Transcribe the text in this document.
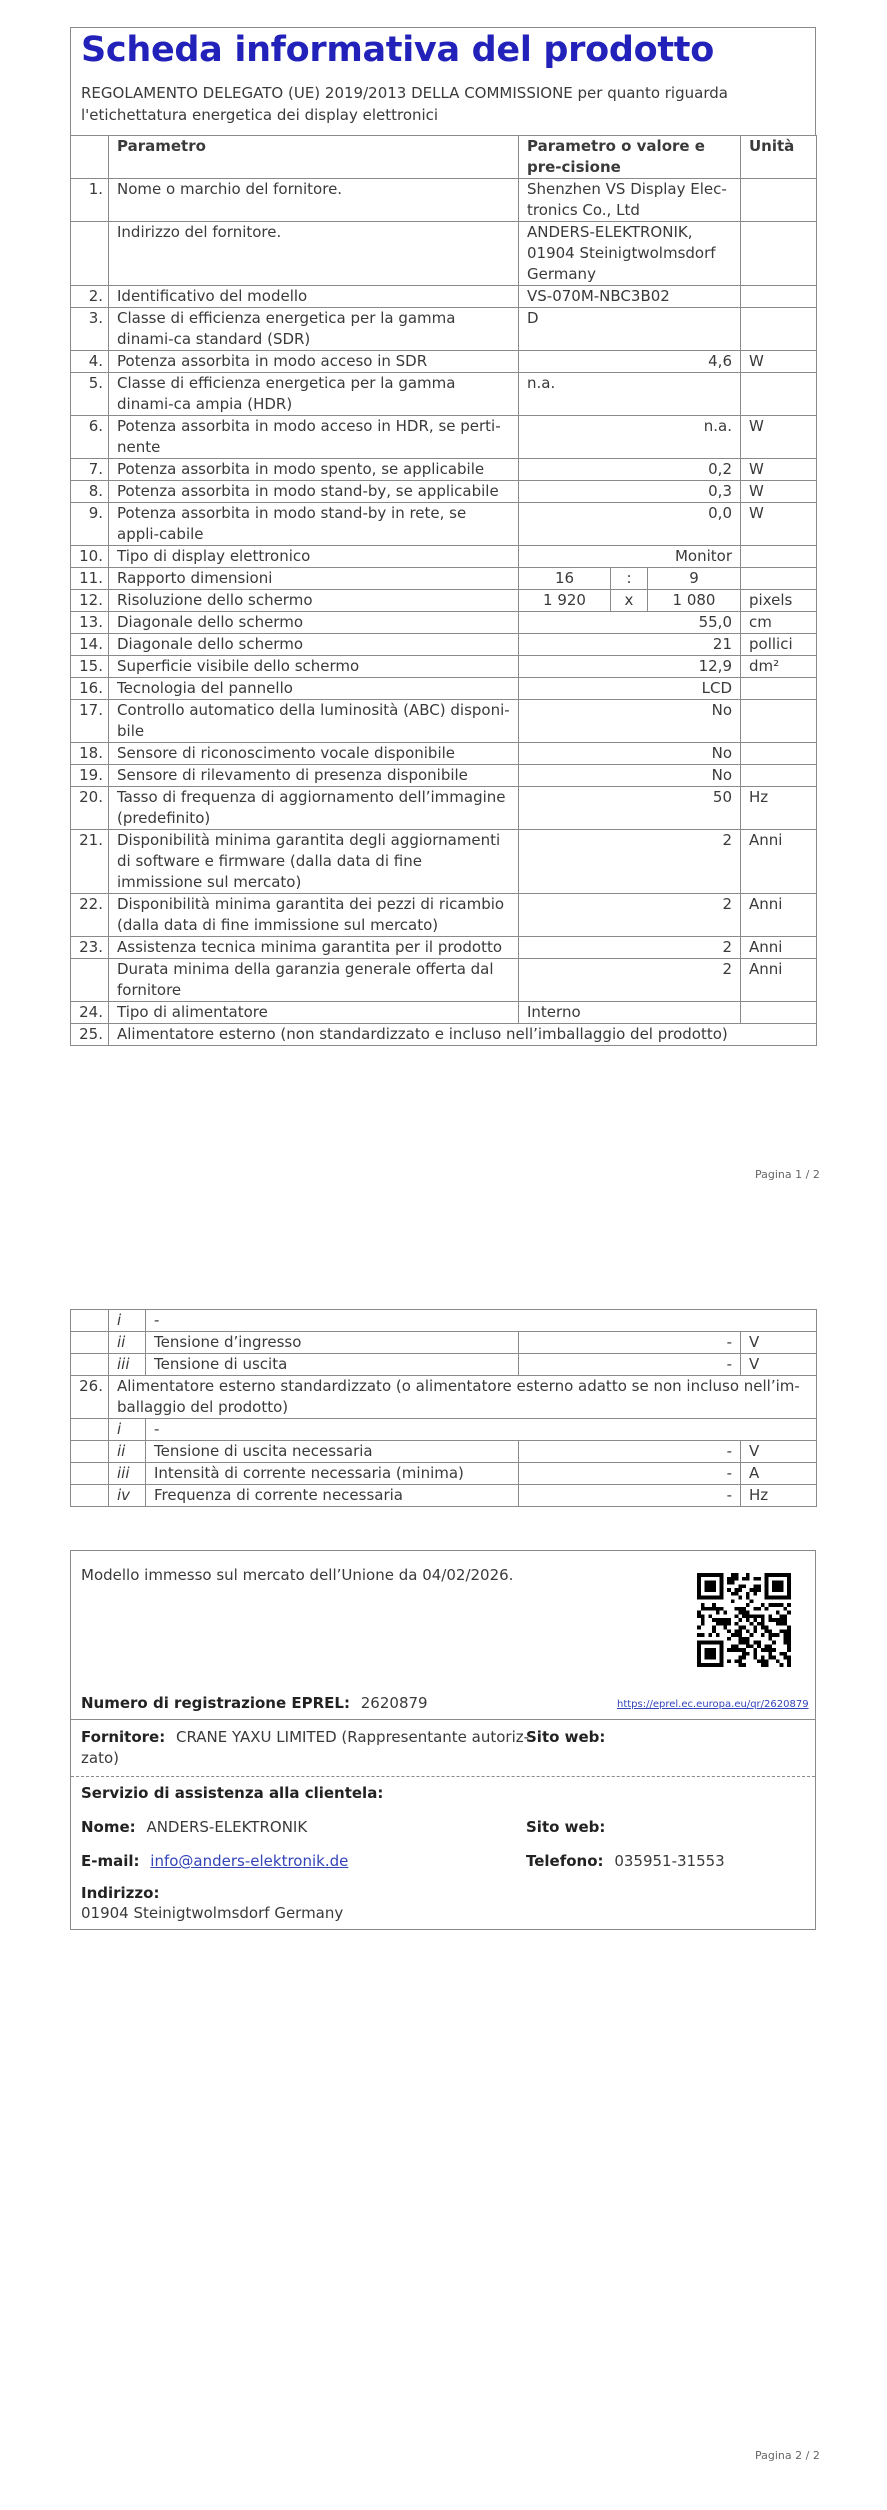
Scheda informativa del prodotto
REGOLAMENTO DELEGATO (UE) 2019/2013 DELLA COMMISSIONE per quanto riguarda l'etichettatura energetica dei display elettronici
	Parametro	Parametro o valore e pre-cisione			Unità
1.	Nome o marchio del fornitore.	Shenzhen VS Display Elec-tronics Co., Ltd			
	Indirizzo del fornitore.	ANDERS-ELEKTRONIK, 01904 Steinigtwolmsdorf Germany			
2.	Identificativo del modello	VS-070M-NBC3B02			
3.	Classe di efficienza energetica per la gamma dinami-ca standard (SDR)	D			
4.	Potenza assorbita in modo acceso in SDR	4,6			W
5.	Classe di efficienza energetica per la gamma dinami-ca ampia (HDR)	n.a.			
6.	Potenza assorbita in modo acceso in HDR, se perti-nente	n.a.			W
7.	Potenza assorbita in modo spento, se applicabile	0,2			W
8.	Potenza assorbita in modo stand-by, se applicabile	0,3			W
9.	Potenza assorbita in modo stand-by in rete, se appli-cabile	0,0			W
10.	Tipo di display elettronico	Monitor			
11.	Rapporto dimensioni	16	:	9	
12.	Risoluzione dello schermo	1 920	x	1 080	pixels
13.	Diagonale dello schermo	55,0			cm
14.	Diagonale dello schermo	21			pollici
15.	Superficie visibile dello schermo	12,9			dm²
16.	Tecnologia del pannello	LCD			
17.	Controllo automatico della luminosità (ABC) disponi-bile	No			
18.	Sensore di riconoscimento vocale disponibile	No			
19.	Sensore di rilevamento di presenza disponibile	No			
20.	Tasso di frequenza di aggiornamento dell’immagine (predefinito)	50			Hz
21.	Disponibilità minima garantita degli aggiornamenti di software e firmware (dalla data di fine immissione sul mercato)	2			Anni
22.	Disponibilità minima garantita dei pezzi di ricambio (dalla data di fine immissione sul mercato)	2			Anni
23.	Assistenza tecnica minima garantita per il prodotto	2			Anni
	Durata minima della garanzia generale offerta dal fornitore	2			Anni
24.	Tipo di alimentatore	Interno			
25.	Alimentatore esterno (non standardizzato e incluso nell’imballaggio del prodotto)				
Pagina 1 / 2
	i	-		
	ii	Tensione d’ingresso	-	V
	iii	Tensione di uscita	-	V
26.	Alimentatore esterno standardizzato (o alimentatore esterno adatto se non incluso nell’im-ballaggio del prodotto)			
	i	-		
	ii	Tensione di uscita necessaria	-	V
	iii	Intensità di corrente necessaria (minima)	-	A
	iv	Frequenza di corrente necessaria	-	Hz
Modello immesso sul mercato dell’Unione da 04/02/2026.
Numero di registrazione EPREL: 2620879	https://eprel.ec.europa.eu/qr/2620879
Fornitore: CRANE YAXU LIMITED (Rappresentante autoriz-
zato)
Sito web:
Servizio di assistenza alla clientela:
Nome: ANDERS-ELEKTRONIK	Sito web:
E-mail: info@anders-elektronik.de	Telefono: 035951-31553
Indirizzo:
01904 Steinigtwolmsdorf Germany
Pagina 2 / 2
